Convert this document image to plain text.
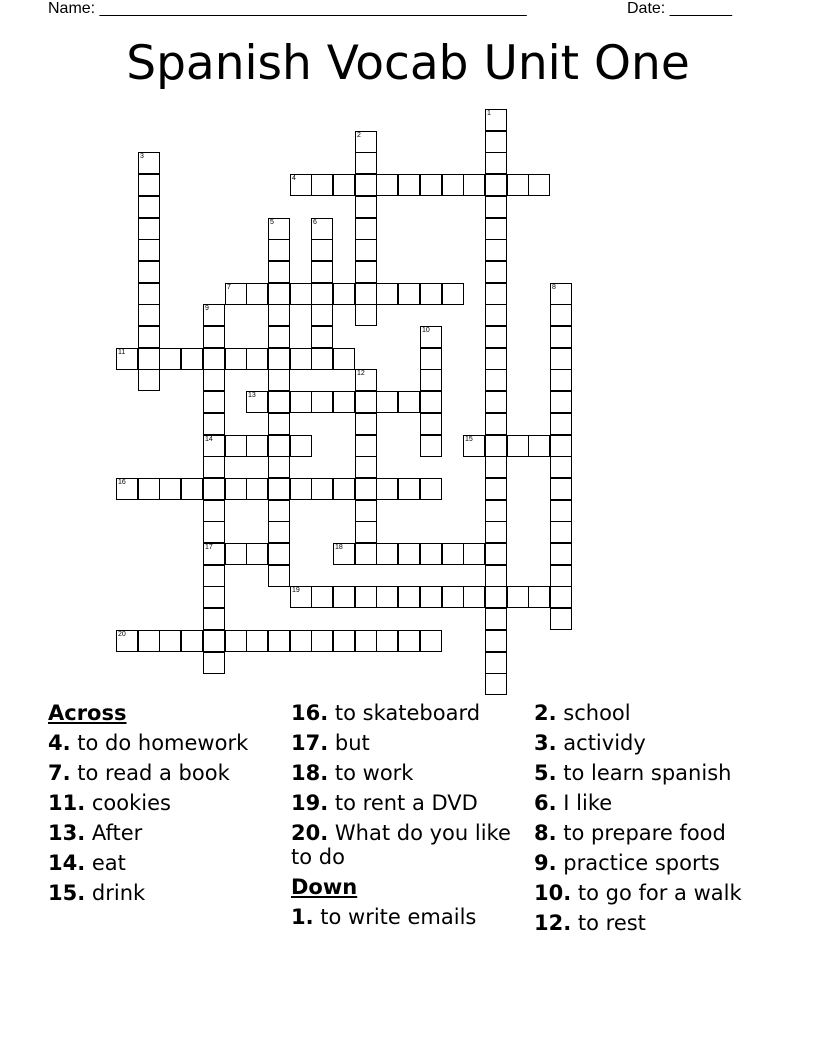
Name: ________________________________________________	Date: _______
Spanish Vocab Unit One
1
2
3
4
5	6
7	8
9
14
17
10
11
12
13
15
16
18
19
20
Across
4. to do homework
7. to read a book
11. cookies
13. After
14. eat
15. drink
16. to skateboard
17. but
18. to work
19. to rent a DVD
20. What do you like to do
Down
1. to write emails
2. school
3. actividy
5. to learn spanish
6. I like
8. to prepare food
9. practice sports
10. to go for a walk
12. to rest
